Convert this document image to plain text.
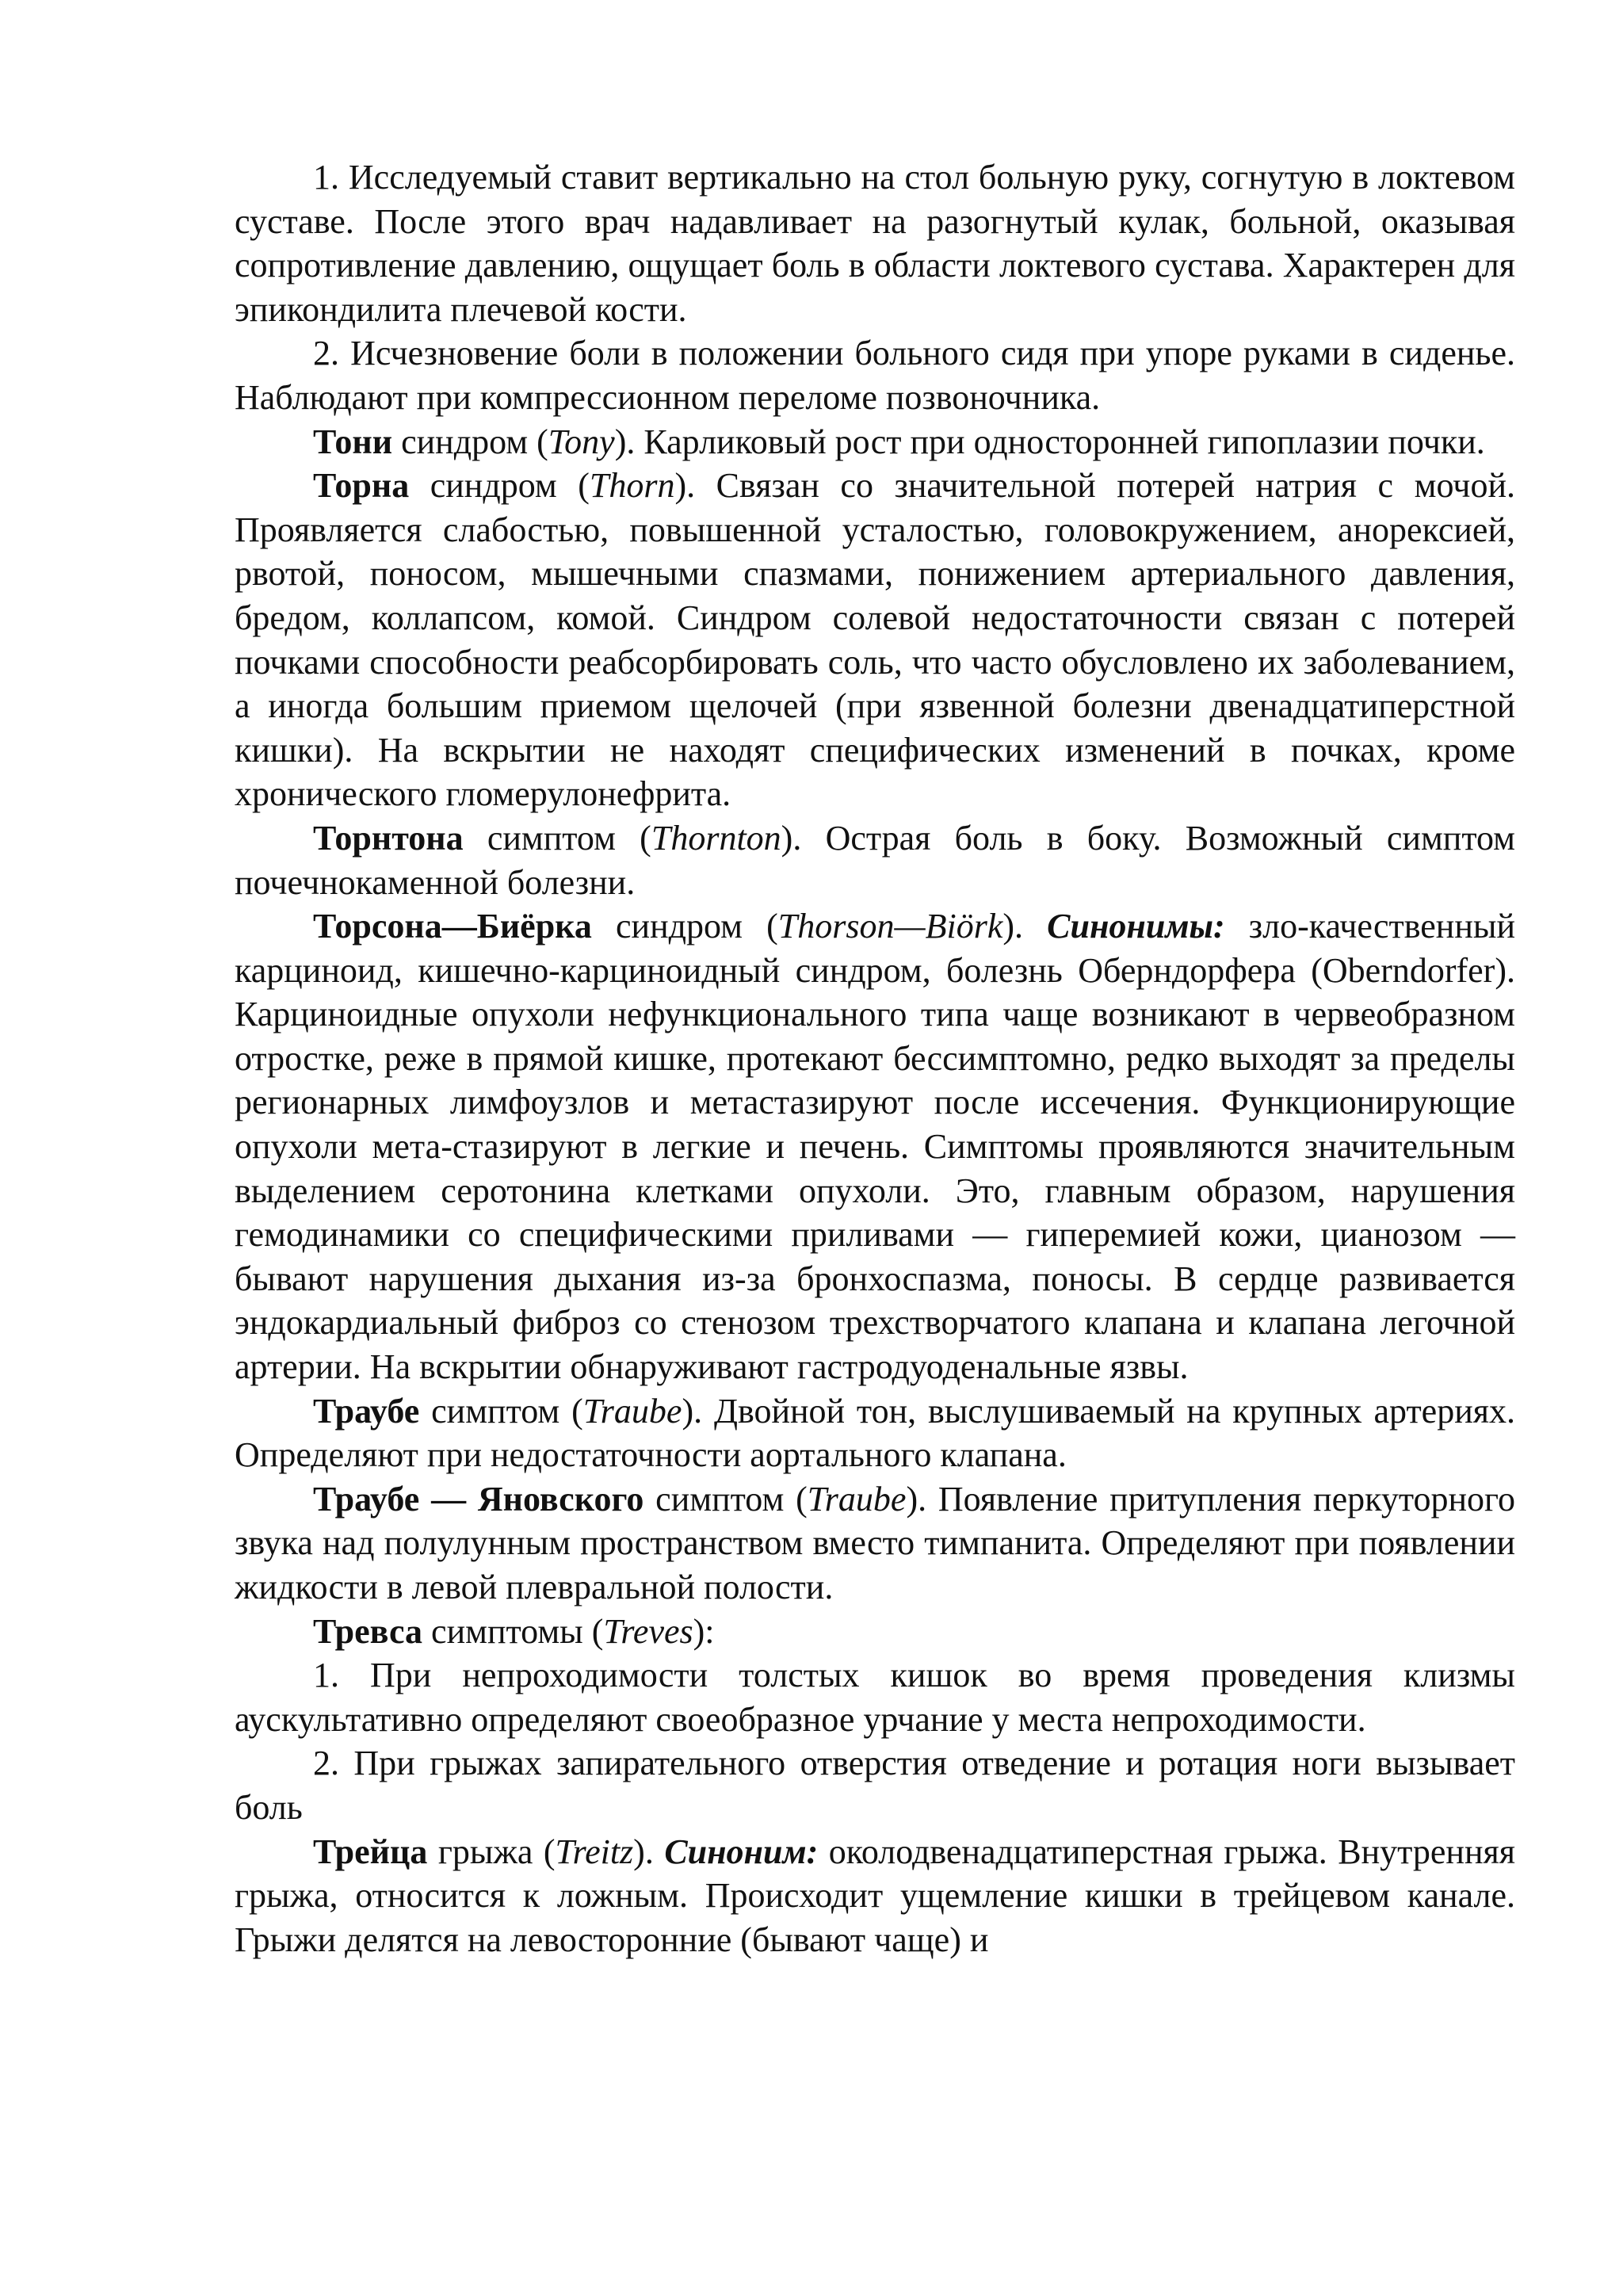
1. Исследуемый ставит вертикально на стол больную руку, согнутую в локтевом суставе. После этого врач надавливает на разогнутый кулак, больной, оказывая сопротивление давлению, ощущает боль в области локтевого сустава. Характерен для эпикондилита плечевой кости.

2. Исчезновение боли в положении больного сидя при упоре руками в сиденье. Наблюдают при компрессионном переломе позвоночника.

Тони синдром (Tony). Карликовый рост при односторонней гипоплазии почки.

Торна синдром (Thorn). Связан со значительной потерей натрия с мочой. Проявляется слабостью, повышенной усталостью, головокружением, анорексией, рвотой, поносом, мышечными спазмами, понижением артериального давления, бредом, коллапсом, комой. Синдром солевой недостаточности связан с потерей почками способности реабсорбировать соль, что часто обусловлено их заболеванием, а иногда большим приемом щелочей (при язвенной болезни двенадцатиперстной кишки). На вскрытии не находят специфических изменений в почках, кроме хронического гломерулонефрита.

Торнтона симптом (Thornton). Острая боль в боку. Возможный симптом почечнокаменной болезни.

Торсона—Биёрка синдром (Thorson—Biörk). Синонимы: зло-качественный карциноид, кишечно-карциноидный синдром, болезнь Оберндорфера (Oberndorfer). Карциноидные опухоли нефункционального типа чаще возникают в червеобразном отростке, реже в прямой кишке, протекают бессимптомно, редко выходят за пределы регионарных лимфоузлов и метастазируют после иссечения. Функционирующие опухоли мета-стазируют в легкие и печень. Симптомы проявляются значительным выделением серотонина клетками опухоли. Это, главным образом, нарушения гемодинамики со специфическими приливами — гиперемией кожи, цианозом — бывают нарушения дыхания из-за бронхоспазма, поносы. В сердце развивается эндокардиальный фиброз со стенозом трехстворчатого клапана и клапана легочной артерии. На вскрытии обнаруживают гастродуоденальные язвы.

Траубе симптом (Traube). Двойной тон, выслушиваемый на крупных артериях. Определяют при недостаточности аортального клапана.

Траубе — Яновского симптом (Traube). Появление притупления перкуторного звука над полулунным пространством вместо тимпанита. Определяют при появлении жидкости в левой плевральной полости.

Тревса симптомы (Treves):

1. При непроходимости толстых кишок во время проведения клизмы аускультативно определяют своеобразное урчание у места непроходимости.

2. При грыжах запирательного отверстия отведение и ротация ноги вызывает боль

Трейца грыжа (Treitz). Синоним: околодвенадцатиперстная грыжа. Внутренняя грыжа, относится к ложным. Происходит ущемление кишки в трейцевом канале. Грыжи делятся на левосторонние (бывают чаще) и
